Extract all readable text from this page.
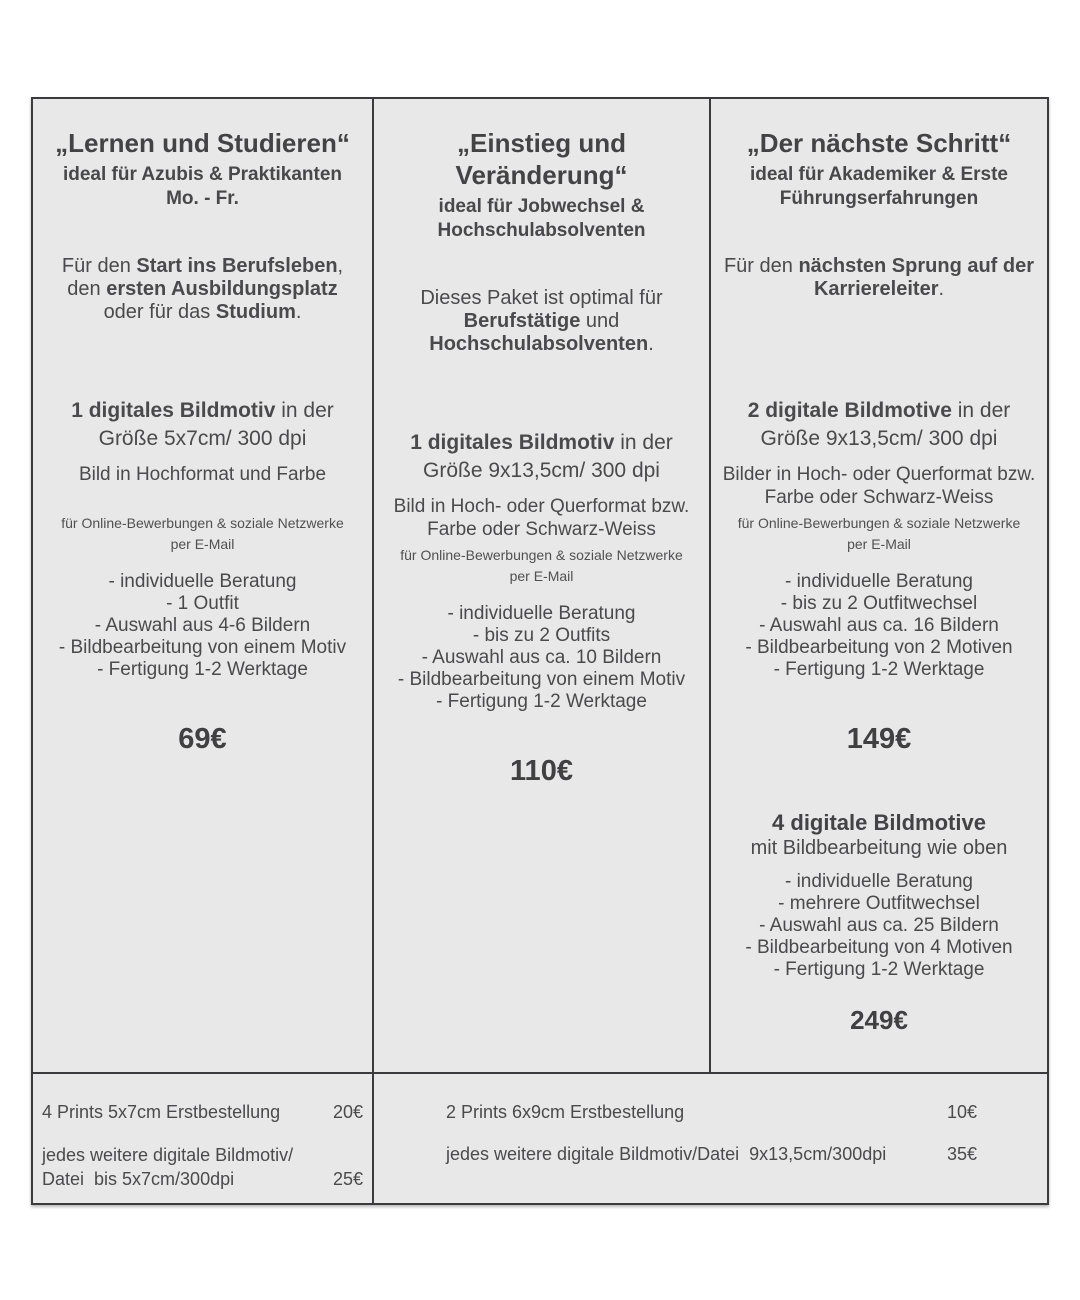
„Lernen und Studieren“
ideal für Azubis & Praktikanten
Mo. - Fr.
Für den Start ins Berufsleben,
den ersten Ausbildungsplatz
oder für das Studium.
1 digitales Bildmotiv in der
Größe 5x7cm/ 300 dpi
Bild in Hochformat und Farbe
für Online-Bewerbungen & soziale Netzwerke
per E-Mail
- individuelle Beratung
- 1 Outfit
- Auswahl aus 4-6 Bildern
- Bildbearbeitung von einem Motiv
- Fertigung 1-2 Werktage
69€
„Einstieg und Veränderung“
ideal für Jobwechsel &
Hochschulabsolventen
Dieses Paket ist optimal für
Berufstätige und
Hochschulabsolventen.
1 digitales Bildmotiv in der
Größe 9x13,5cm/ 300 dpi
Bild in Hoch- oder Querformat bzw.
Farbe oder Schwarz-Weiss
für Online-Bewerbungen & soziale Netzwerke
per E-Mail
- individuelle Beratung
- bis zu 2 Outfits
- Auswahl aus ca. 10 Bildern
- Bildbearbeitung von einem Motiv
- Fertigung 1-2 Werktage
110€
„Der nächste Schritt“
ideal für Akademiker & Erste
Führungserfahrungen
Für den nächsten Sprung auf der
Karriereleiter.
2 digitale Bildmotive in der
Größe 9x13,5cm/ 300 dpi
Bilder in Hoch- oder Querformat bzw.
Farbe oder Schwarz-Weiss
für Online-Bewerbungen & soziale Netzwerke
per E-Mail
- individuelle Beratung
- bis zu 2 Outfitwechsel
- Auswahl aus ca. 16 Bildern
- Bildbearbeitung von 2 Motiven
- Fertigung 1-2 Werktage
149€
4 digitale Bildmotive
mit Bildbearbeitung wie oben
- individuelle Beratung
- mehrere Outfitwechsel
- Auswahl aus ca. 25 Bildern
- Bildbearbeitung von 4 Motiven
- Fertigung 1-2 Werktage
249€
4 Prints 5x7cm Erstbestellung	20€
jedes weitere digitale Bildmotiv/
Datei  bis 5x7cm/300dpi	25€
2 Prints 6x9cm Erstbestellung	10€
jedes weitere digitale Bildmotiv/Datei  9x13,5cm/300dpi	35€
